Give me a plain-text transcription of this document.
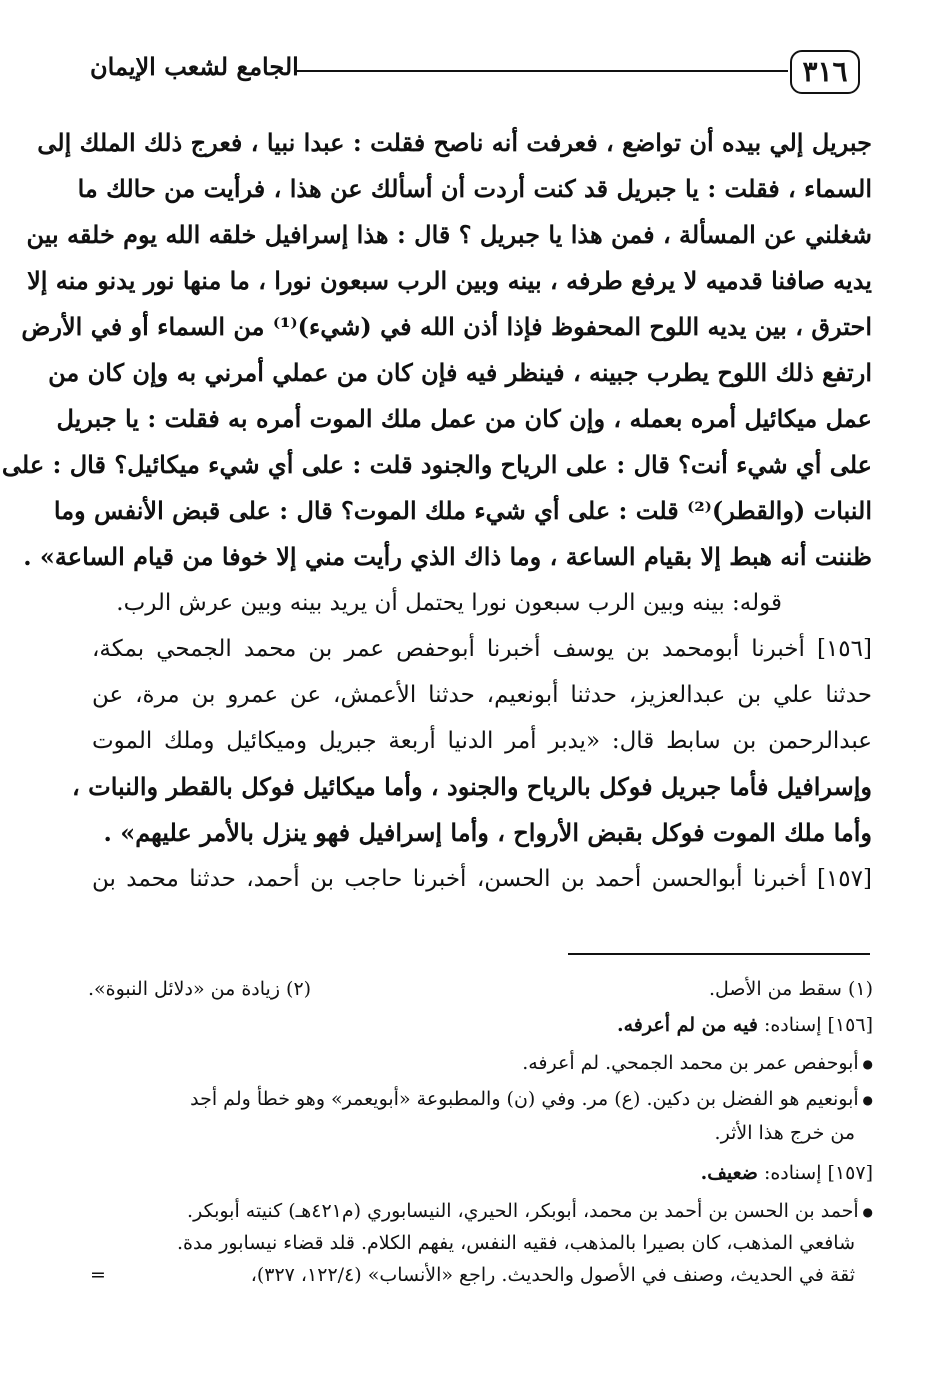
الجامع لشعب الإيمان	٣١٦
جبريل إلي بيده أن تواضع ، فعرفت أنه ناصح فقلت : عبدا نبيا ، فعرج ذلك الملك إلى
السماء ، فقلت : يا جبريل قد كنت أردت أن أسألك عن هذا ، فرأيت من حالك ما
شغلني عن المسألة ، فمن هذا يا جبريل ؟ قال : هذا إسرافيل خلقه الله يوم خلقه بين
يديه صافنا قدميه لا يرفع طرفه ، بينه وبين الرب سبعون نورا ، ما منها نور يدنو منه إلا
احترق ، بين يديه اللوح المحفوظ فإذا أذن الله في (شيء)⁽¹⁾ من السماء أو في الأرض
ارتفع ذلك اللوح يطرب جبينه ، فينظر فيه فإن كان من عملي أمرني به وإن كان من
عمل ميكائيل أمره بعمله ، وإن كان من عمل ملك الموت أمره به فقلت : يا جبريل
على أي شيء أنت؟ قال : على الرياح والجنود قلت : على أي شيء ميكائيل؟ قال : على
النبات (والقطر)⁽²⁾ قلت : على أي شيء ملك الموت؟ قال : على قبض الأنفس وما
ظننت أنه هبط إلا بقيام الساعة ، وما ذاك الذي رأيت مني إلا خوفا من قيام الساعة» .
قوله: بينه وبين الرب سبعون نورا يحتمل أن يريد بينه وبين عرش الرب.
[١٥٦] أخبرنا أبومحمد بن يوسف أخبرنا أبوحفص عمر بن محمد الجمحي بمكة،
حدثنا علي بن عبدالعزيز، حدثنا أبونعيم، حدثنا الأعمش، عن عمرو بن مرة، عن
عبدالرحمن بن سابط قال: «يدبر أمر الدنيا أربعة جبريل وميكائيل وملك الموت
وإسرافيل فأما جبريل فوكل بالرياح والجنود ، وأما ميكائيل فوكل بالقطر والنبات ،
وأما ملك الموت فوكل بقبض الأرواح ، وأما إسرافيل فهو ينزل بالأمر عليهم» .
[١٥٧] أخبرنا أبوالحسن أحمد بن الحسن، أخبرنا حاجب بن أحمد، حدثنا محمد بن
(١) سقط من الأصل.
(٢) زيادة من «دلائل النبوة».
[١٥٦] إسناده: فيه من لم أعرفه.
● أبوحفص عمر بن محمد الجمحي. لم أعرفه.
● أبونعيم هو الفضل بن دكين. (ع) مر. وفي (ن) والمطبوعة «أبويعمر» وهو خطأ ولم أجد
من خرج هذا الأثر.
[١٥٧] إسناده: ضعيف.
● أحمد بن الحسن بن أحمد بن محمد، أبوبكر، الحيري، النيسابوري (م٤٢١هـ) كنيته أبوبكر.
شافعي المذهب، كان بصيرا بالمذهب، فقيه النفس، يفهم الكلام. قلد قضاء نيسابور مدة.
ثقة في الحديث، وصنف في الأصول والحديث. راجع «الأنساب» (١٢٢/٤، ٣٢٧)،
=
